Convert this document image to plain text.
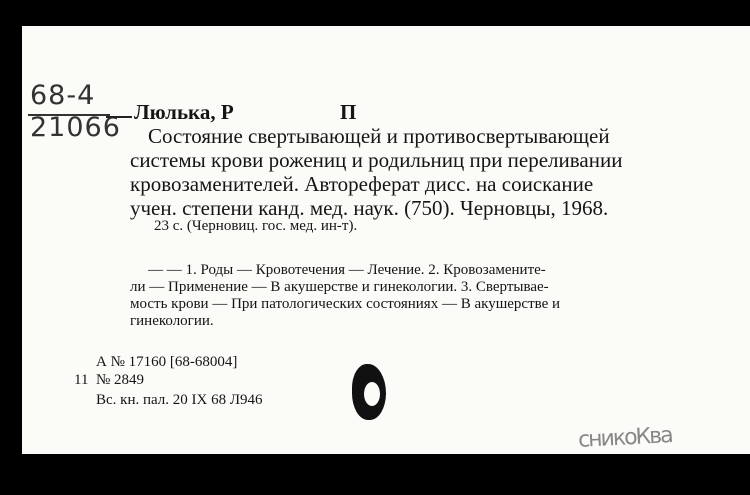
68-4
21066 Люлька, Р	П
Состояние свертывающей и противосвертывающей
системы крови рожениц и родильниц при переливании
кровозаменителей. Автореферат дисс. на соискание
учен. степени канд. мед. наук. (750). Черновцы, 1968.
23 с. (Черновиц. гос. мед. ин-т).
— — 1. Роды — Кровотечения — Лечение. 2. Кровозамените-
ли — Применение — В акушерстве и гинекологии. 3. Свертывае-
мость крови — При патологических состояниях — В акушерстве и
гинекологии.
А № 17160 [68-68004]
11 № 2849
Вс. кн. пал. 20 IX 68 Л946
сникоКва
